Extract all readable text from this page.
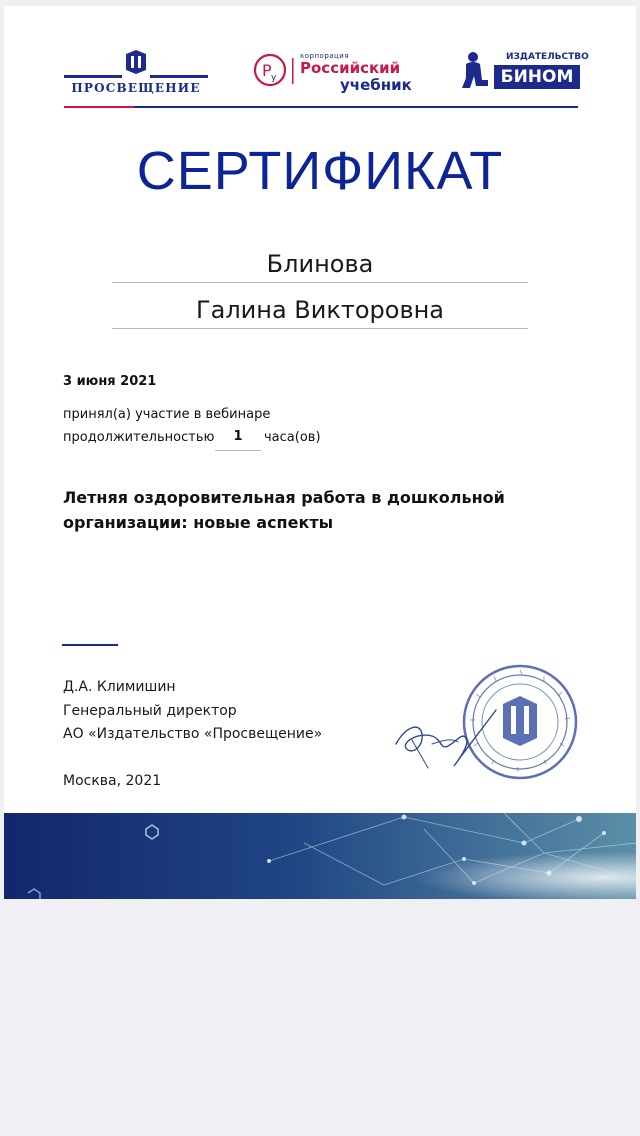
ПРОСВЕЩЕНИЕ
Р у
корпорация
Российский
учебник
ИЗДАТЕЛЬСТВО
БИНОМ
СЕРТИФИКАТ
Блинова
Галина Викторовна
3 июня 2021
принял(а) участие в вебинаре
продолжительностью	1	часа(ов)
Летняя оздоровительная работа в дошкольной организации: новые аспекты
Д.А. Климишин
Генеральный директор
АО «Издательство «Просвещение»
Москва, 2021
